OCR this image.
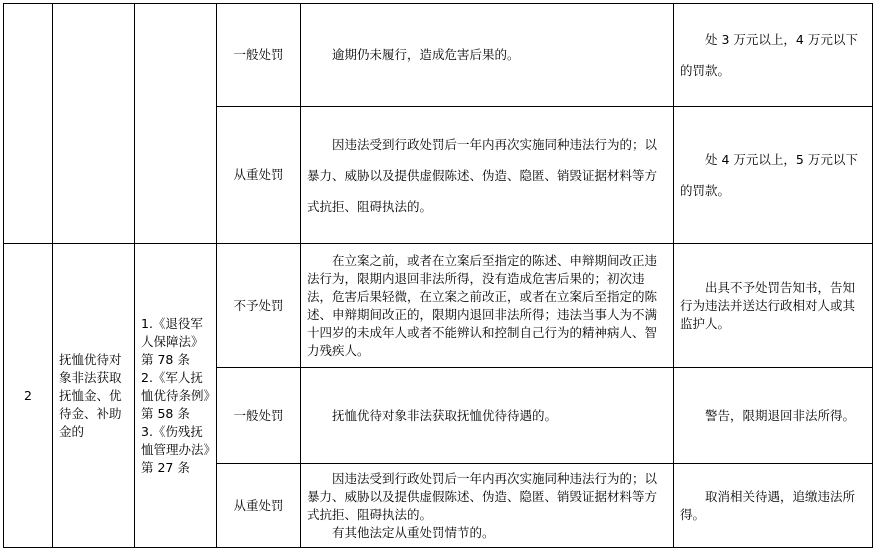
			一般处罚	逾期仍未履行，造成危害后果的。	处 3 万元以上，4 万元以下的罚款。

			从重处罚	因违法受到行政处罚后一年内再次实施同种违法行为的；以暴力、威胁以及提供虚假陈述、伪造、隐匿、销毁证据材料等方式抗拒、阻碍执法的。	处 4 万元以上，5 万元以下的罚款。

2	抚恤优待对象非法获取抚恤金、优待金、补助金的	1.《退役军人保障法》第 78 条
2.《军人抚恤优待条例》第 58 条
3.《伤残抚恤管理办法》第 27 条	不予处罚	在立案之前，或者在立案后至指定的陈述、申辩期间改正违法行为，限期内退回非法所得，没有造成危害后果的；初次违法，危害后果轻微，在立案之前改正，或者在立案后至指定的陈述、申辩期间改正的，限期内退回非法所得；违法当事人为不满十四岁的未成年人或者不能辨认和控制自己行为的精神病人、智力残疾人。	出具不予处罚告知书，告知行为违法并送达行政相对人或其监护人。

			一般处罚	抚恤优待对象非法获取抚恤优待待遇的。	警告，限期退回非法所得。

			从重处罚	因违法受到行政处罚后一年内再次实施同种违法行为的；以暴力、威胁以及提供虚假陈述、伪造、隐匿、销毁证据材料等方式抗拒、阻碍执法的。
有其他法定从重处罚情节的。	取消相关待遇，追缴违法所得。
